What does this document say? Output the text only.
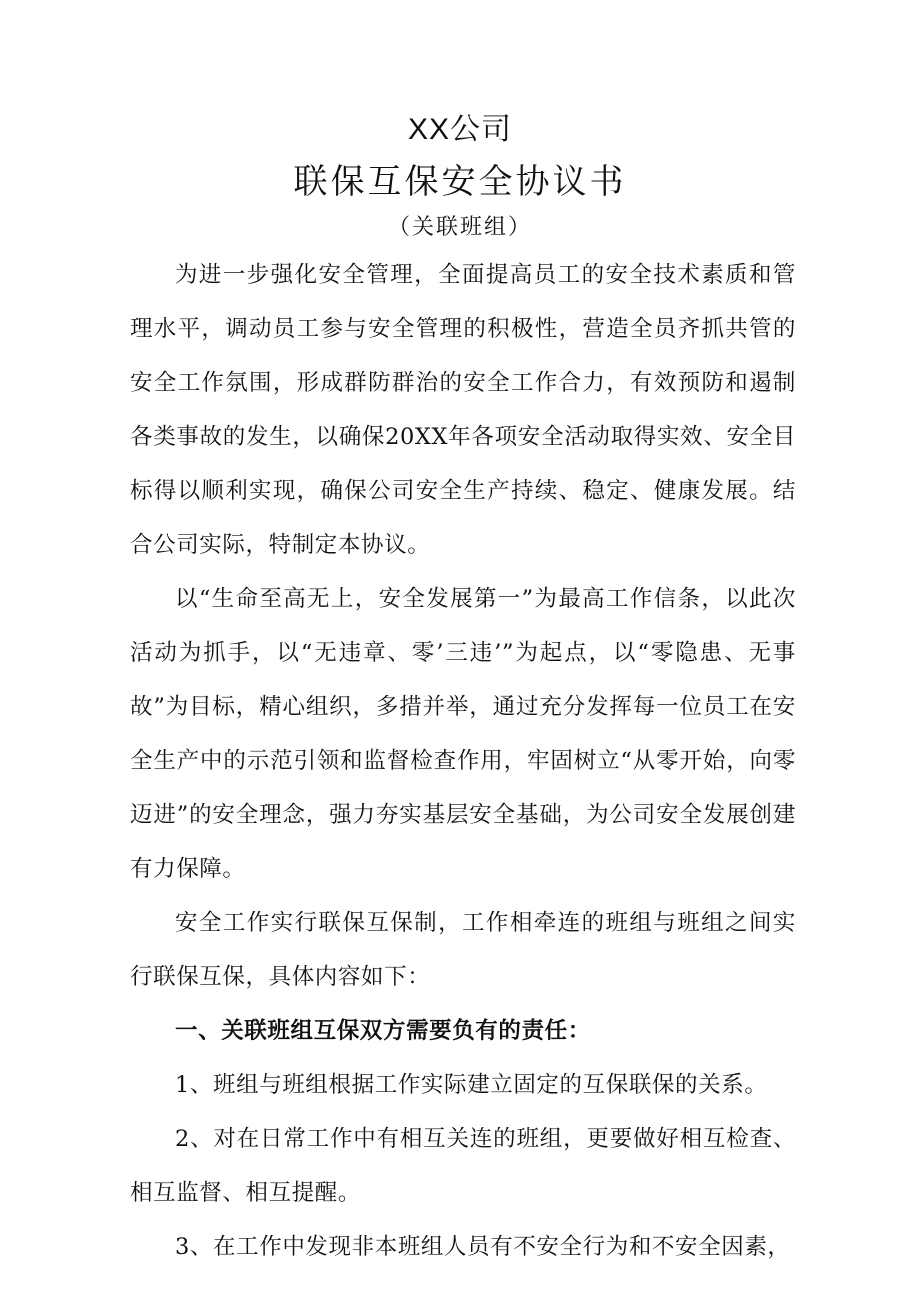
XX公司
联保互保安全协议书
（关联班组）

为进一步强化安全管理，全面提高员工的安全技术素质和管理水平，调动员工参与安全管理的积极性，营造全员齐抓共管的安全工作氛围，形成群防群治的安全工作合力，有效预防和遏制各类事故的发生，以确保20XX年各项安全活动取得实效、安全目标得以顺利实现，确保公司安全生产持续、稳定、健康发展。结合公司实际，特制定本协议。

以“生命至高无上，安全发展第一”为最高工作信条，以此次活动为抓手，以“无违章、零’三违’”为起点，以“零隐患、无事故”为目标，精心组织，多措并举，通过充分发挥每一位员工在安全生产中的示范引领和监督检查作用，牢固树立“从零开始，向零迈进”的安全理念，强力夯实基层安全基础，为公司安全发展创建有力保障。

安全工作实行联保互保制，工作相牵连的班组与班组之间实行联保互保，具体内容如下：

一、关联班组互保双方需要负有的责任：

1、班组与班组根据工作实际建立固定的互保联保的关系。

2、对在日常工作中有相互关连的班组，更要做好相互检查、相互监督、相互提醒。

3、在工作中发现非本班组人员有不安全行为和不安全因素，
